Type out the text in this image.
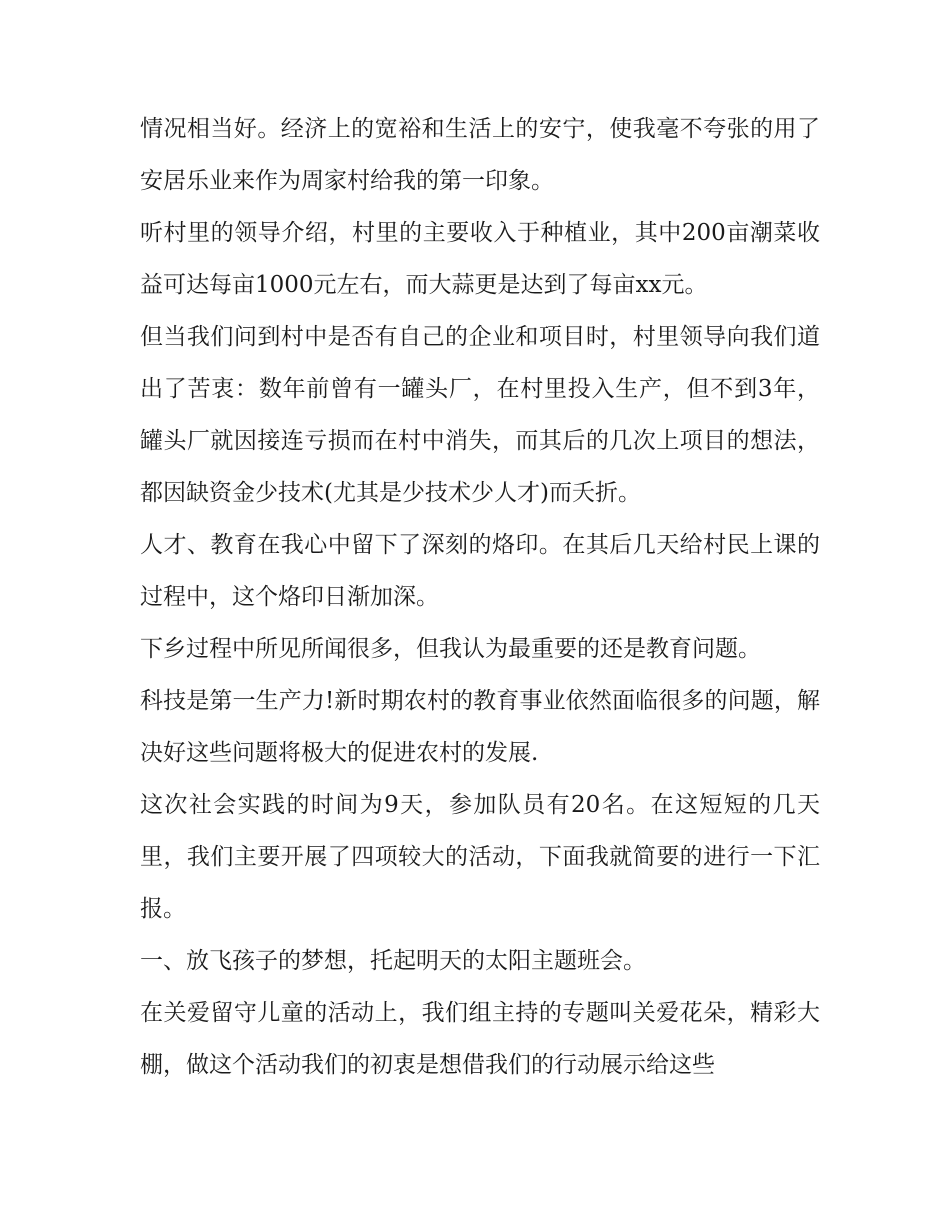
情况相当好。经济上的宽裕和生活上的安宁，使我毫不夸张的用了安居乐业来作为周家村给我的第一印象。

听村里的领导介绍，村里的主要收入于种植业，其中200亩潮菜收益可达每亩1000元左右，而大蒜更是达到了每亩xx元。

但当我们问到村中是否有自己的企业和项目时，村里领导向我们道出了苦衷：数年前曾有一罐头厂，在村里投入生产，但不到3年，罐头厂就因接连亏损而在村中消失，而其后的几次上项目的想法，都因缺资金少技术(尤其是少技术少人才)而夭折。

人才、教育在我心中留下了深刻的烙印。在其后几天给村民上课的过程中，这个烙印日渐加深。

下乡过程中所见所闻很多，但我认为最重要的还是教育问题。

科技是第一生产力!新时期农村的教育事业依然面临很多的问题，解决好这些问题将极大的促进农村的发展.

这次社会实践的时间为9天，参加队员有20名。在这短短的几天里，我们主要开展了四项较大的活动，下面我就简要的进行一下汇报。

一、放飞孩子的梦想，托起明天的太阳主题班会。

在关爱留守儿童的活动上，我们组主持的专题叫关爱花朵，精彩大棚，做这个活动我们的初衷是想借我们的行动展示给这些
